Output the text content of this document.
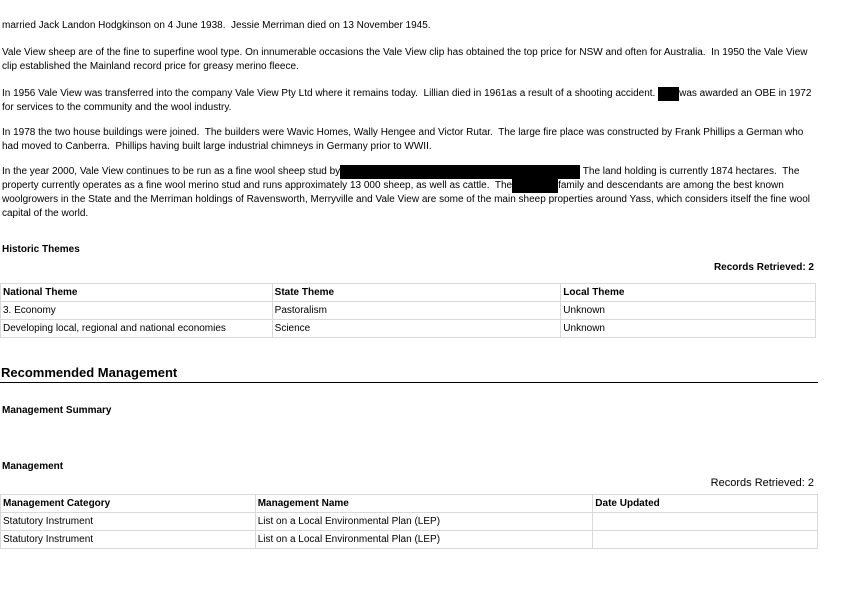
married Jack Landon Hodgkinson on 4 June 1938.  Jessie Merriman died on 13 November 1945.

Vale View sheep are of the fine to superfine wool type. On innumerable occasions the Vale View clip has obtained the top price for NSW and often for Australia.  In 1950 the Vale View clip established the Mainland record price for greasy merino fleece.

In 1956 Vale View was transferred into the company Vale View Pty Ltd where it remains today.  Lillian died in 1961as a result of a shooting accident. was awarded an OBE in 1972 for services to the community and the wool industry.

In 1978 the two house buildings were joined.  The builders were Wavic Homes, Wally Hengee and Victor Rutar.  The large fire place was constructed by Frank Phillips a German who had moved to Canberra.  Phillips having built large industrial chimneys in Germany prior to WWII.

In the year 2000, Vale View continues to be run as a fine wool sheep stud by	The land holding is currently 1874 hectares.  The property currently operates as a fine wool merino stud and runs approximately 13 000 sheep, as well as cattle.  The	family and descendants are among the best known woolgrowers in the State and the Merriman holdings of Ravensworth, Merryville and Vale View are some of the main sheep properties around Yass, which considers itself the fine wool capital of the world.

Historic Themes
Records Retrieved: 2
National Theme	State Theme	Local Theme
3. Economy	Pastoralism	Unknown
Developing local, regional and national economies	Science	Unknown
Recommended Management
Management Summary
Management
Records Retrieved: 2
Management Category	Management Name	Date Updated
Statutory Instrument	List on a Local Environmental Plan (LEP)	
Statutory Instrument	List on a Local Environmental Plan (LEP)	
